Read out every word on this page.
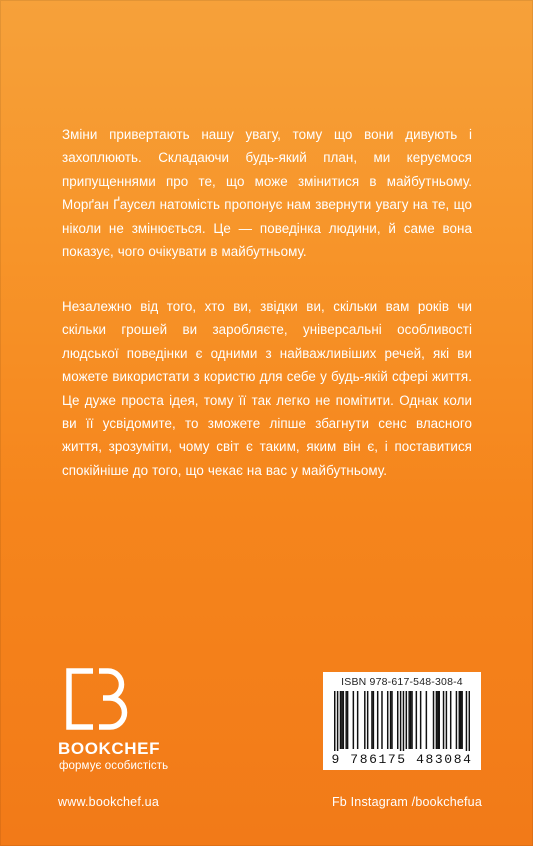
Зміни привертають нашу увагу, тому що вони дивують і захоплюють. Складаючи будь-який план, ми керуємося припущеннями про те, що може змінитися в майбутньому. Морґан Ґаусел натомість пропонує нам звернути увагу на те, що ніколи не змінюється. Це — поведінка людини, й саме вона показує, чого очікувати в майбутньому.

Незалежно від того, хто ви, звідки ви, скільки вам років чи скільки грошей ви заробляєте, універсальні особливості людської поведінки є одними з найважливіших речей, які ви можете використати з користю для себе у будь-якій сфері життя. Це дуже проста ідея, тому її так легко не помітити. Однак коли ви її усвідомите, то зможете ліпше збагнути сенс власного життя, зрозуміти, чому світ є таким, яким він є, і поставитися спокійніше до того, що чекає на вас у майбутньому.

BOOKCHEF
формує особистість
ISBN 978-617-548-308-4
9 786175 483084
www.bookchef.ua	Fb Instagram /bookchefua
